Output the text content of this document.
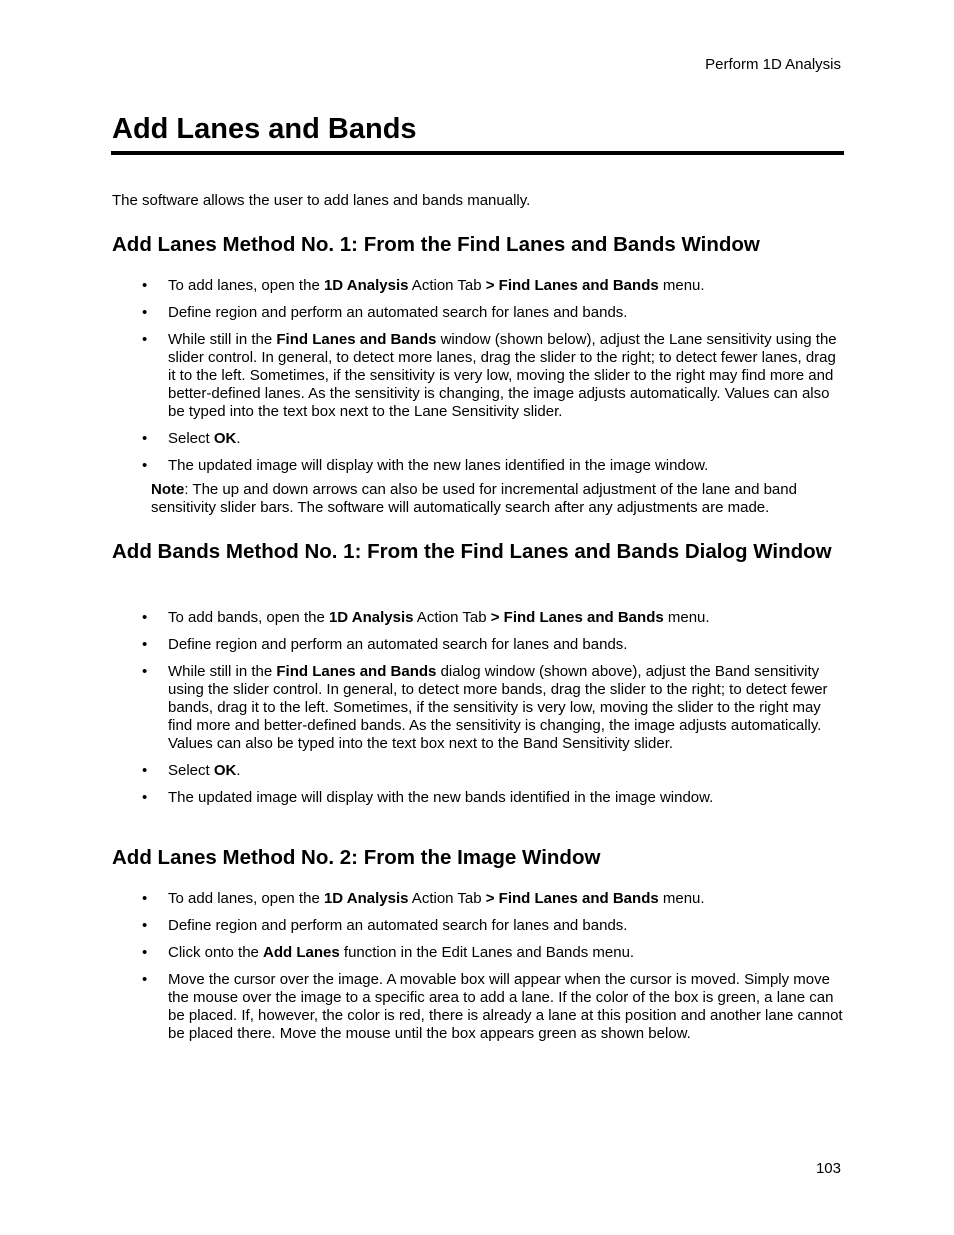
Perform 1D Analysis
Add Lanes and Bands

The software allows the user to add lanes and bands manually.

Add Lanes Method No. 1: From the Find Lanes and Bands Window
• To add lanes, open the 1D Analysis Action Tab > Find Lanes and Bands menu.
• Define region and perform an automated search for lanes and bands.
• While still in the Find Lanes and Bands window (shown below), adjust the Lane sensitivity using the slider control. In general, to detect more lanes, drag the slider to the right; to detect fewer lanes, drag it to the left. Sometimes, if the sensitivity is very low, moving the slider to the right may find more and better-defined lanes. As the sensitivity is changing, the image adjusts automatically. Values can also be typed into the text box next to the Lane Sensitivity slider.
• Select OK.
• The updated image will display with the new lanes identified in the image window.

Note: The up and down arrows can also be used for incremental adjustment of the lane and band sensitivity slider bars. The software will automatically search after any adjustments are made.

Add Bands Method No. 1: From the Find Lanes and Bands Dialog Window
• To add bands, open the 1D Analysis Action Tab > Find Lanes and Bands menu.
• Define region and perform an automated search for lanes and bands.
• While still in the Find Lanes and Bands dialog window (shown above), adjust the Band sensitivity using the slider control. In general, to detect more bands, drag the slider to the right; to detect fewer bands, drag it to the left. Sometimes, if the sensitivity is very low, moving the slider to the right may find more and better-defined bands. As the sensitivity is changing, the image adjusts automatically. Values can also be typed into the text box next to the Band Sensitivity slider.
• Select OK.
• The updated image will display with the new bands identified in the image window.
Add Lanes Method No. 2: From the Image Window
• To add lanes, open the 1D Analysis Action Tab > Find Lanes and Bands menu.
• Define region and perform an automated search for lanes and bands.
• Click onto the Add Lanes function in the Edit Lanes and Bands menu.
• Move the cursor over the image. A movable box will appear when the cursor is moved. Simply move the mouse over the image to a specific area to add a lane. If the color of the box is green, a lane can be placed. If, however, the color is red, there is already a lane at this position and another lane cannot be placed there. Move the mouse until the box appears green as shown below.
103
